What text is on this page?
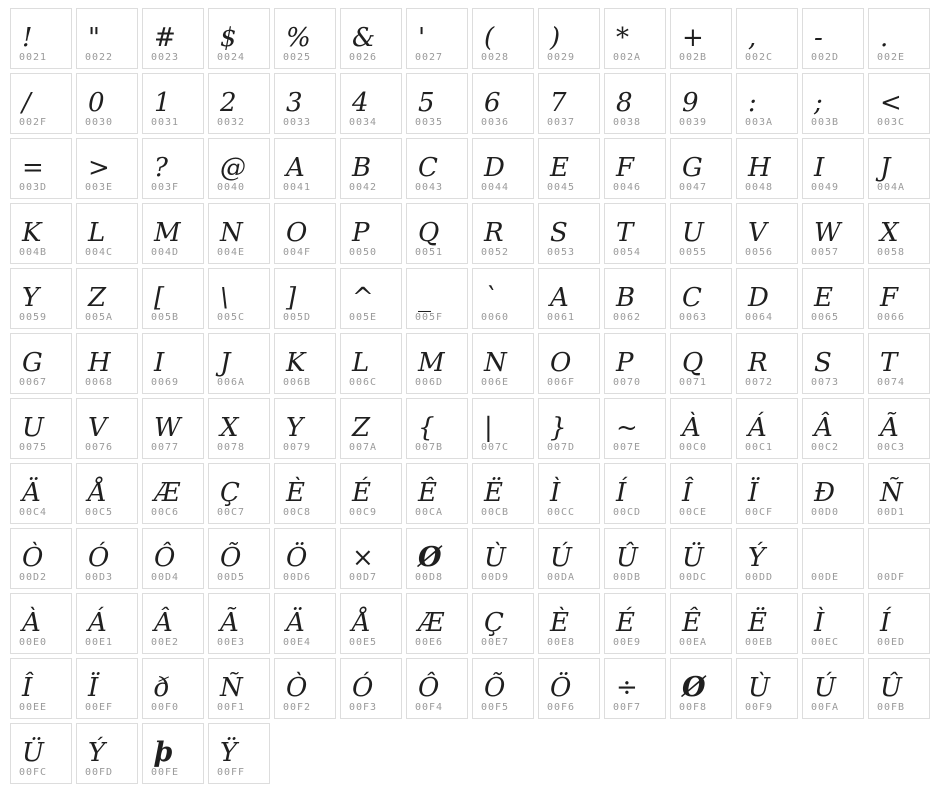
!
0021
"
0022
#
0023
$
0024
%
0025
&
0026
'
0027
(
0028
)
0029
*
002A
+
002B
,
002C
-
002D
.
002E
/
002F
0
0030
1
0031
2
0032
3
0033
4
0034
5
0035
6
0036
7
0037
8
0038
9
0039
:
003A
;
003B
<
003C
=
003D
>
003E
?
003F
@
0040
A
0041
B
0042
C
0043
D
0044
E
0045
F
0046
G
0047
H
0048
I
0049
J
004A
K
004B
L
004C
M
004D
N
004E
O
004F
P
0050
Q
0051
R
0052
S
0053
T
0054
U
0055
V
0056
W
0057
X
0058
Y
0059
Z
005A
[
005B
\
005C
]
005D
^
005E
_
005F
`
0060
A
0061
B
0062
C
0063
D
0064
E
0065
F
0066
G
0067
H
0068
I
0069
J
006A
K
006B
L
006C
M
006D
N
006E
O
006F
P
0070
Q
0071
R
0072
S
0073
T
0074
U
0075
V
0076
W
0077
X
0078
Y
0079
Z
007A
{
007B
|
007C
}
007D
~
007E
À
00C0
Á
00C1
Â
00C2
Ã
00C3
Ä
00C4
Å
00C5
Æ
00C6
Ç
00C7
È
00C8
É
00C9
Ê
00CA
Ë
00CB
Ì
00CC
Í
00CD
Î
00CE
Ï
00CF
Ð
00D0
Ñ
00D1
Ò
00D2
Ó
00D3
Ô
00D4
Õ
00D5
Ö
00D6
×
00D7
Ø
00D8
Ù
00D9
Ú
00DA
Û
00DB
Ü
00DC
Ý
00DD	00DE	00DF
À
00E0
Á
00E1
Â
00E2
Ã
00E3
Ä
00E4
Å
00E5
Æ
00E6
Ç
00E7
È
00E8
É
00E9
Ê
00EA
Ë
00EB
Ì
00EC
Í
00ED
Î
00EE
Ï
00EF
ð
00F0
Ñ
00F1
Ò
00F2
Ó
00F3
Ô
00F4
Õ
00F5
Ö
00F6
÷
00F7
Ø
00F8
Ù
00F9
Ú
00FA
Û
00FB
Ü
00FC
Ý
00FD
þ
00FE
Ÿ
00FF
